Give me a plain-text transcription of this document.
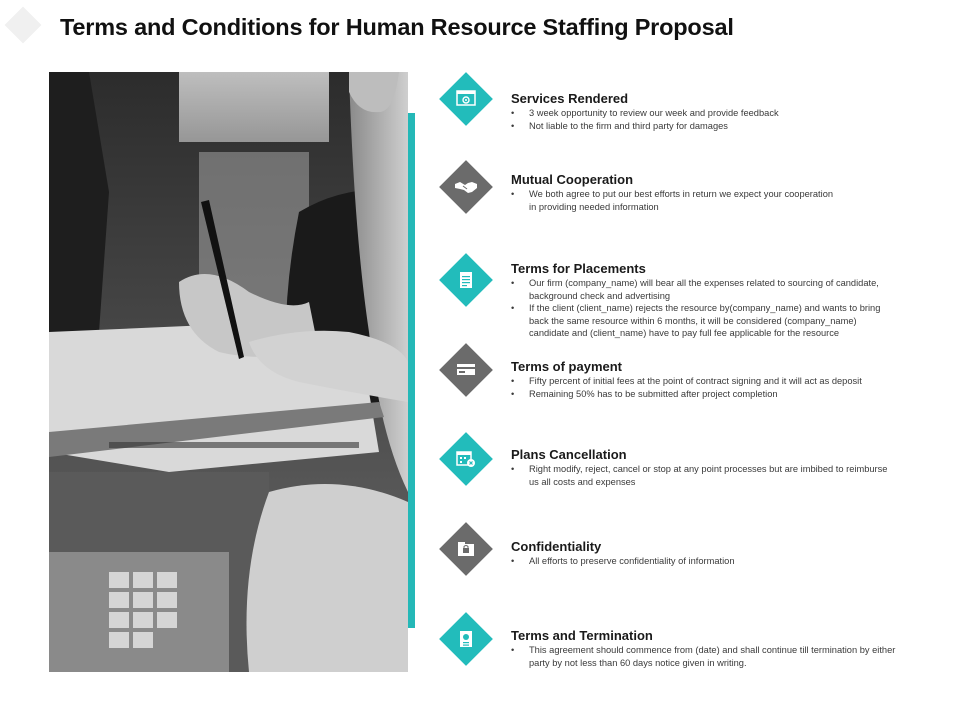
Terms and Conditions for Human Resource Staffing Proposal
Services Rendered
• 3 week opportunity to review our week and provide feedback
• Not liable to the firm and third party for damages
Mutual Cooperation
• We both agree to put our best efforts in return we expect your cooperation in providing needed information
Terms for Placements
• Our firm (company_name) will bear all the expenses related to sourcing of candidate, background check and advertising
• If the client (client_name) rejects the resource by(company_name) and wants to bring back the same resource within 6 months, it will be considered (company_name) candidate and (client_name) have to pay full fee applicable for the resource
Terms of payment
• Fifty percent of initial fees at the point of contract signing and it will act as deposit
• Remaining 50% has to be submitted after project completion
Plans Cancellation
• Right modify, reject, cancel or stop at any point processes but are imbibed to reimburse us all costs and expenses
Confidentiality
• All efforts to preserve confidentiality of information
Terms and Termination
• This agreement should commence from (date) and shall continue till termination by either party by not less than 60 days notice given in writing.
